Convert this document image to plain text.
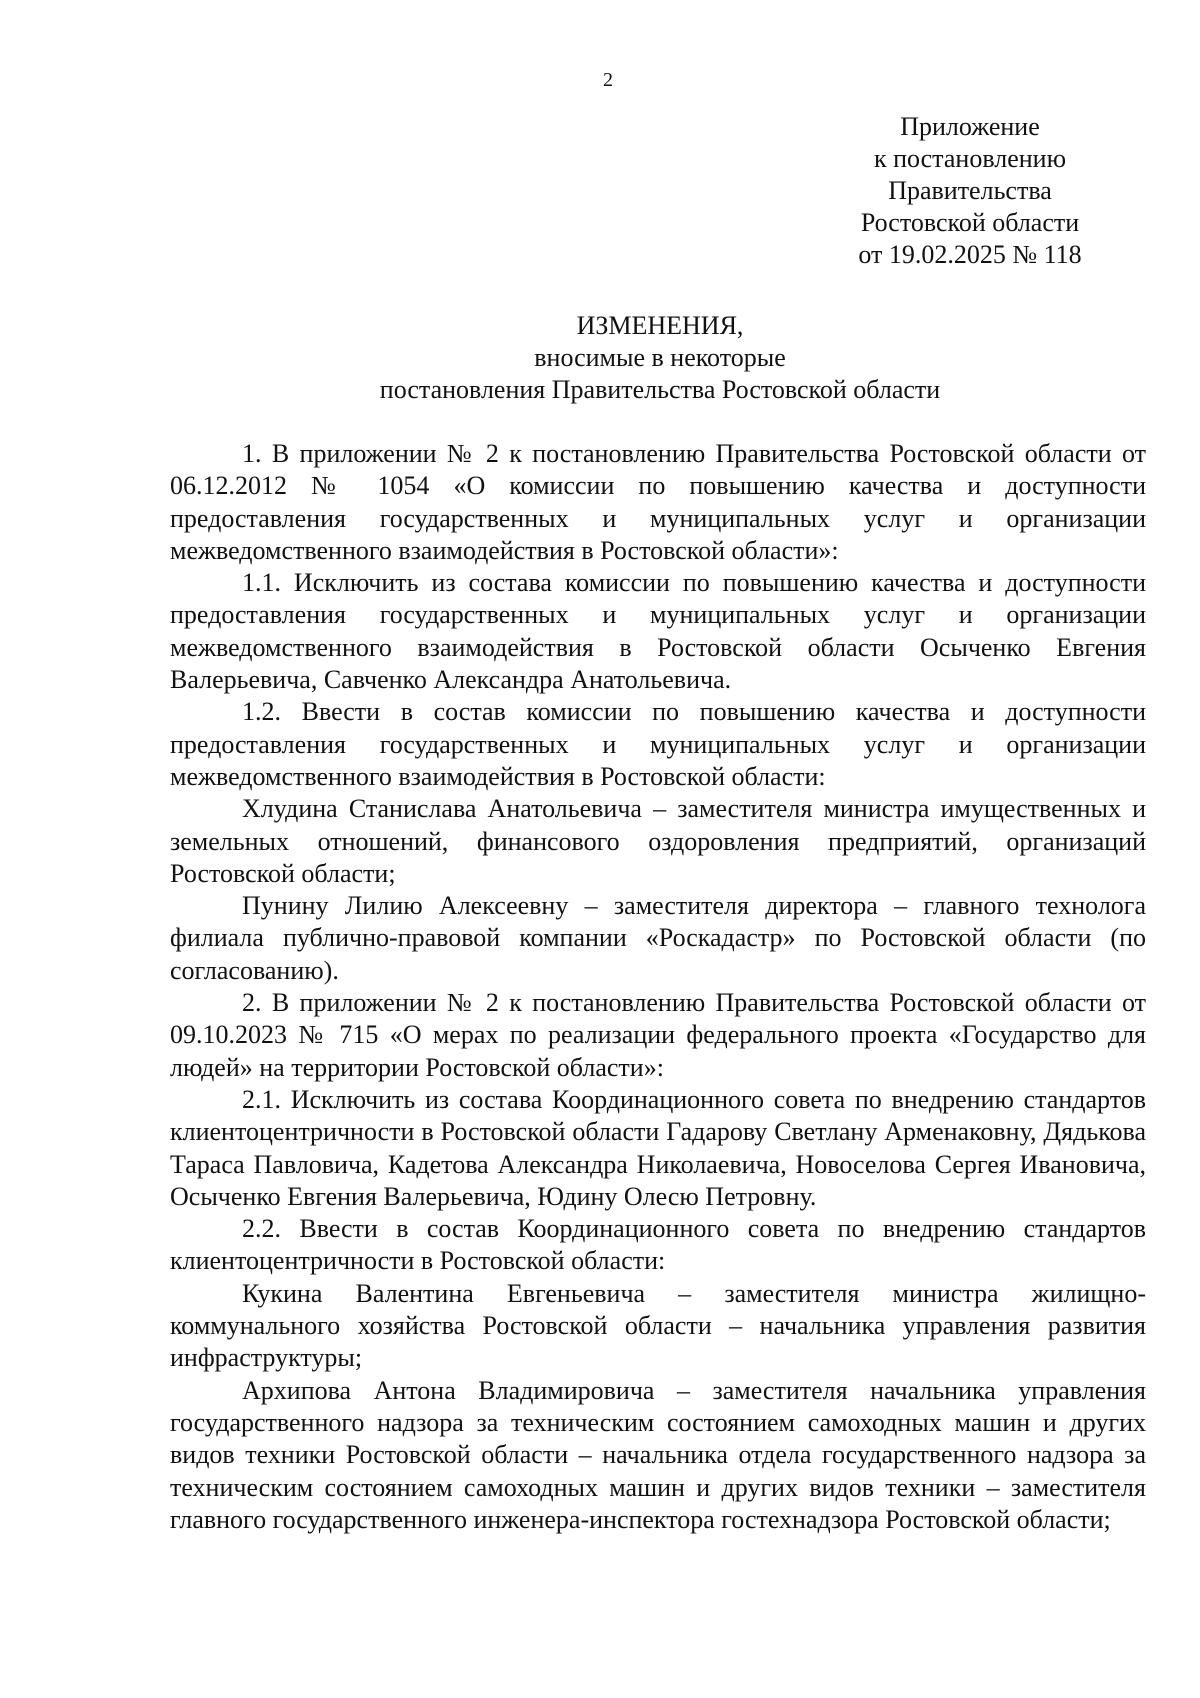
2
Приложение
к постановлению
Правительства
Ростовской области
от 19.02.2025 № 118
ИЗМЕНЕНИЯ,
вносимые в некоторые
постановления Правительства Ростовской области

1. В приложении № 2 к постановлению Правительства Ростовской области от 06.12.2012 № 1054 «О комиссии по повышению качества и доступности предоставления государственных и муниципальных услуг и организации межведомственного взаимодействия в Ростовской области»:

1.1. Исключить из состава комиссии по повышению качества и доступности предоставления государственных и муниципальных услуг и организации межведомственного взаимодействия в Ростовской области Осыченко Евгения Валерьевича, Савченко Александра Анатольевича.

1.2. Ввести в состав комиссии по повышению качества и доступности предоставления государственных и муниципальных услуг и организации межведомственного взаимодействия в Ростовской области:

Хлудина Станислава Анатольевича – заместителя министра имущественных и земельных отношений, финансового оздоровления предприятий, организаций Ростовской области;

Пунину Лилию Алексеевну – заместителя директора – главного технолога филиала публично-правовой компании «Роскадастр» по Ростовской области (по согласованию).

2. В приложении № 2 к постановлению Правительства Ростовской области от 09.10.2023 № 715 «О мерах по реализации федерального проекта «Государство для людей» на территории Ростовской области»:

2.1. Исключить из состава Координационного совета по внедрению стандартов клиентоцентричности в Ростовской области Гадарову Светлану Арменаковну, Дядькова Тараса Павловича, Кадетова Александра Николаевича, Новоселова Сергея Ивановича, Осыченко Евгения Валерьевича, Юдину Олесю Петровну.

2.2. Ввести в состав Координационного совета по внедрению стандартов клиентоцентричности в Ростовской области:

Кукина Валентина Евгеньевича – заместителя министра жилищно-коммунального хозяйства Ростовской области – начальника управления развития инфраструктуры;

Архипова Антона Владимировича – заместителя начальника управления государственного надзора за техническим состоянием самоходных машин и других видов техники Ростовской области – начальника отдела государственного надзора за техническим состоянием самоходных машин и других видов техники – заместителя главного государственного инженера-инспектора гостехнадзора Ростовской области;
